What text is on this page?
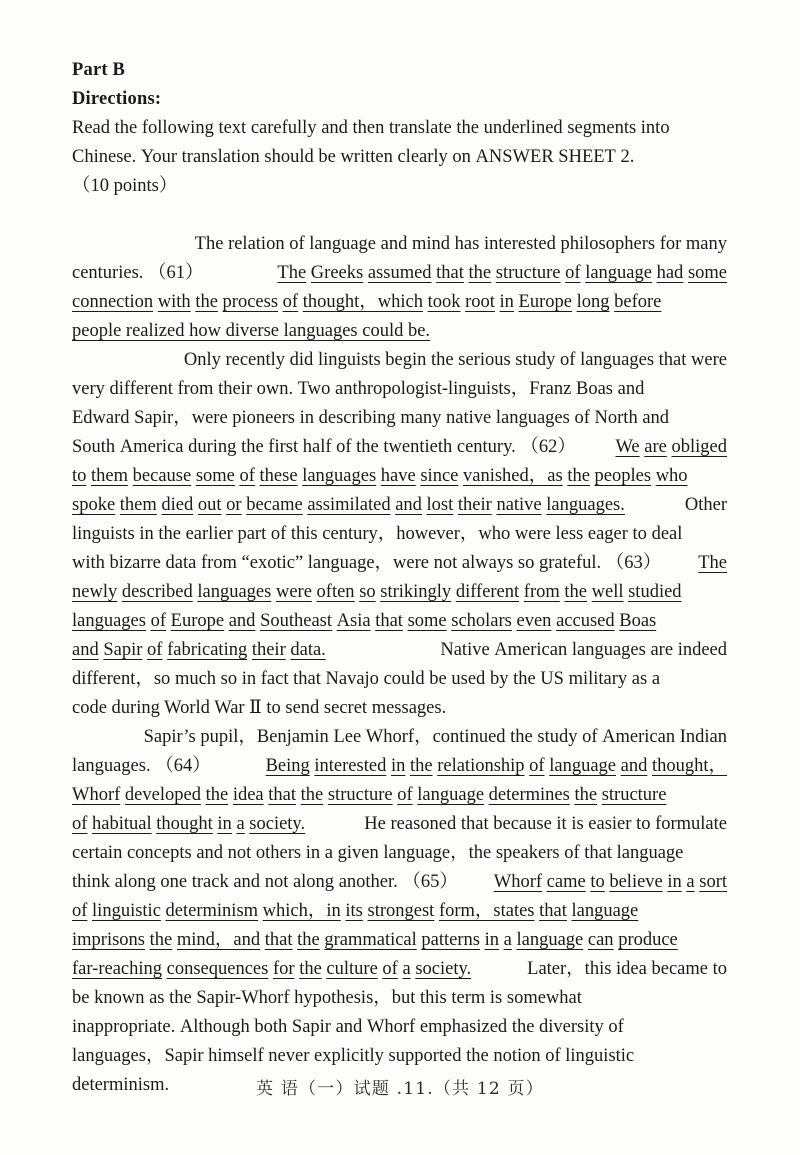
Part B
Directions:
Read the following text carefully and then translate the underlined segments into
Chinese. Your translation should be written clearly on ANSWER SHEET 2.
（10 points）
The relation of language and mind has interested philosophers for many
centuries. （61）	The Greeks assumed that the structure of language had some
connection with the process of thought，which took root in Europe long before
people realized how diverse languages could be.
Only recently did linguists begin the serious study of languages that were
very different from their own. Two anthropologist-linguists，Franz Boas and
Edward Sapir，were pioneers in describing many native languages of North and
South America during the first half of the twentieth century. （62） We are obliged
to them because some of these languages have since vanished，as the peoples who
spoke them died out or became assimilated and lost their native languages.	Other
linguists in the earlier part of this century，however，who were less eager to deal
with bizarre data from “exotic” language，were not always so grateful. （63） The
newly described languages were often so strikingly different from the well studied
languages of Europe and Southeast Asia that some scholars even accused Boas
and Sapir of fabricating their data.	Native American languages are indeed
different，so much so in fact that Navajo could be used by the US military as a
code during World War Ⅱ to send secret messages.
Sapir’s pupil，Benjamin Lee Whorf，continued the study of American Indian
languages. （64）	Being interested in the relationship of language and thought，
Whorf developed the idea that the structure of language determines the structure
of habitual thought in a society.	He reasoned that because it is easier to formulate
certain concepts and not others in a given language，the speakers of that language
think along one track and not along another. （65） Whorf came to believe in a sort
of linguistic determinism which，in its strongest form，states that language
imprisons the mind，and that the grammatical patterns in a language can produce
far-reaching consequences for the culture of a society.	Later，this idea became to
be known as the Sapir-Whorf hypothesis，but this term is somewhat
inappropriate. Although both Sapir and Whorf emphasized the diversity of
languages，Sapir himself never explicitly supported the notion of linguistic
determinism.	英 语（一）试题 .11.（共 12 页）
